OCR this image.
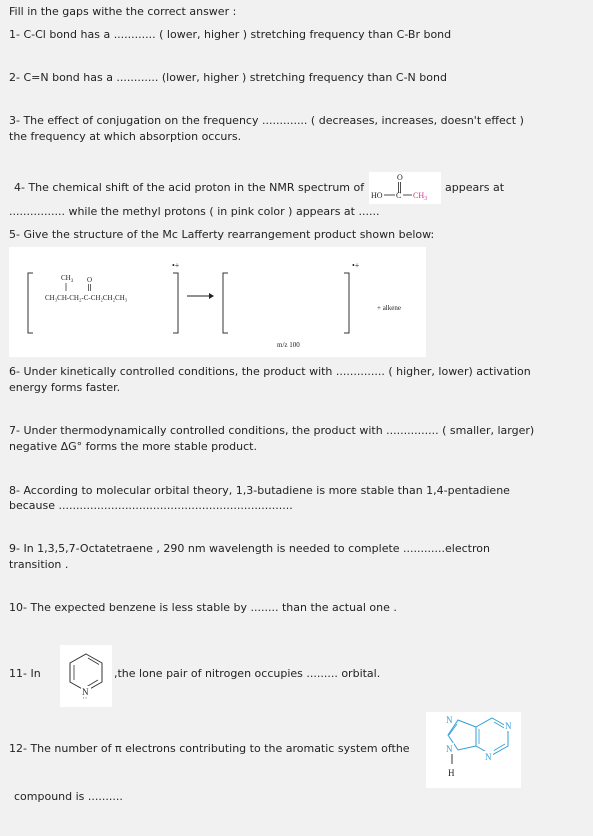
Fill in the gaps withe the correct answer :
1- C-Cl bond has a ............ ( lower, higher ) stretching frequency than C-Br bond
2- C=N bond has a ............ (lower, higher ) stretching frequency than C-N bond
3- The effect of conjugation on the frequency ............. ( decreases, increases, doesn't effect )
the frequency at which absorption occurs.
4- The chemical shift of the acid proton in the NMR spectrum of
O
HO C $CH_3$
appears at
................ while the methyl protons ( in pink color ) appears at ......
5- Give the structure of the Mc Lafferty rearrangement product shown below:
•+
$CH_3$ O
CH₃CH-CH₂-C-CH₂CH₂CH₃
•+
+ alkene
m/z 100
6- Under kinetically controlled conditions, the product with .............. ( higher, lower) activation
energy forms faster.
7- Under thermodynamically controlled conditions, the product with ............... ( smaller, larger)
negative ΔG° forms the more stable product.
8- According to molecular orbital theory, 1,3-butadiene is more stable than 1,4-pentadiene
because ...................................................................
9- In 1,3,5,7-Octatetraene , 290 nm wavelength is needed to complete ............electron
transition .
10- The expected benzene is less stable by ........ than the actual one .
11- In
N
:
,the lone pair of nitrogen occupies ......... orbital.
12- The number of π electrons contributing to the aromatic system ofthe
N
N
N
N
H
compound is ..........
